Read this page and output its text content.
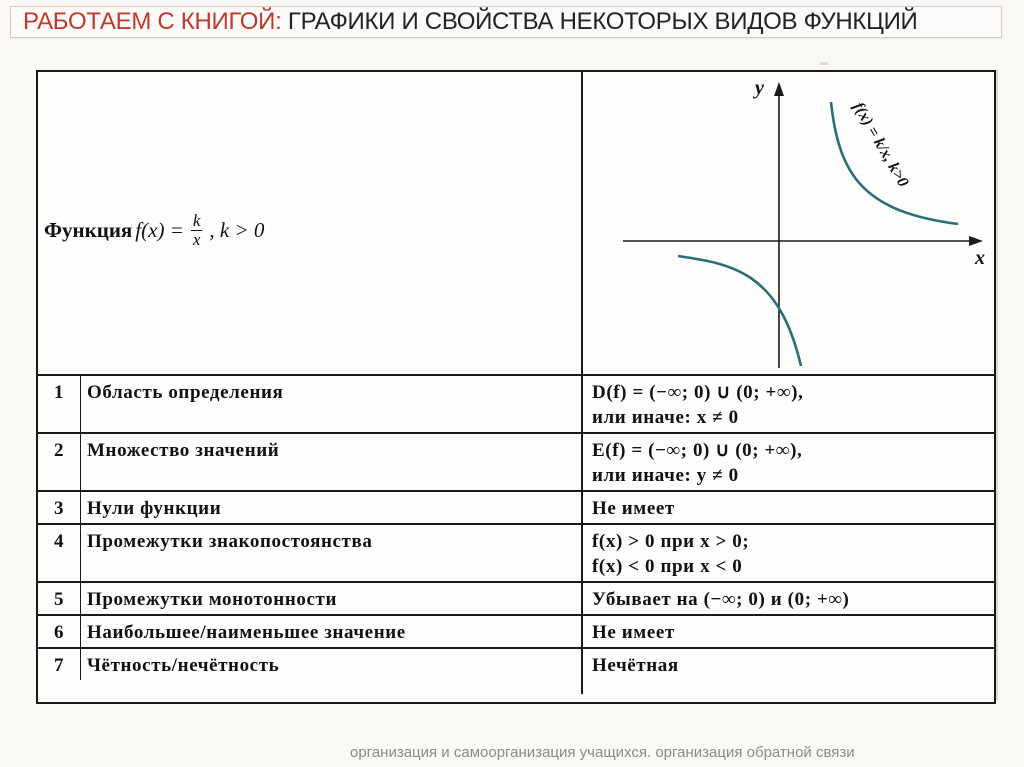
РАБОТАЕМ С КНИГОЙ: ГРАФИКИ И СВОЙСТВА НЕКОТОРЫХ ВИДОВ ФУНКЦИЙ
Функция $f(x) = \frac{k}{x}$ , k > 0
x
y
f(x) = k/x, k>0
1	Область определения	D(f) = (−∞; 0) ∪ (0; +∞),
или иначе: x ≠ 0

2	Множество значений	E(f) = (−∞; 0) ∪ (0; +∞),
или иначе: y ≠ 0

3	Нули функции	Не имеет

4	Промежутки знакопостоянства	f(x) > 0 при x > 0;
f(x) < 0 при x < 0

5	Промежутки монотонности	Убывает на (−∞; 0) и (0; +∞)

6	Наибольшее/наименьшее значение	Не имеет

7	Чётность/нечётность	Нечётная
организация и самоорганизация учащихся. организация обратной связи
